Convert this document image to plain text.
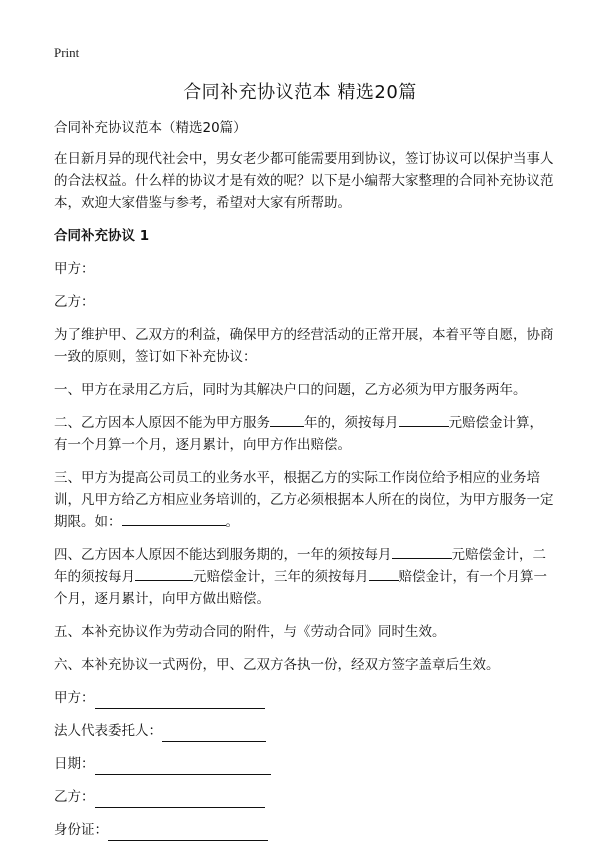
Print
合同补充协议范本 精选20篇

合同补充协议范本（精选20篇）

在日新月异的现代社会中，男女老少都可能需要用到协议，签订协议可以保护当事人的合法权益。什么样的协议才是有效的呢？以下是小编帮大家整理的合同补充协议范本，欢迎大家借鉴与参考，希望对大家有所帮助。

合同补充协议 1

甲方：

乙方：

为了维护甲、乙双方的利益，确保甲方的经营活动的正常开展，本着平等自愿，协商一致的原则，签订如下补充协议：

一、甲方在录用乙方后，同时为其解决户口的问题，乙方必须为甲方服务两年。

二、乙方因本人原因不能为甲方服务	年的，须按每月	元赔偿金计算，有一个月算一个月，逐月累计，向甲方作出赔偿。

三、甲方为提高公司员工的业务水平，根据乙方的实际工作岗位给予相应的业务培训，凡甲方给乙方相应业务培训的，乙方必须根据本人所在的岗位，为甲方服务一定期限。如：	。

四、乙方因本人原因不能达到服务期的，一年的须按每月	元赔偿金计，二年的须按每月	元赔偿金计，三年的须按每月 赔偿金计，有一个月算一个月，逐月累计，向甲方做出赔偿。

五、本补充协议作为劳动合同的附件，与《劳动合同》同时生效。

六、本补充协议一式两份，甲、乙双方各执一份，经双方签字盖章后生效。

甲方：
法人代表委托人：
日期：
乙方：
身份证：
